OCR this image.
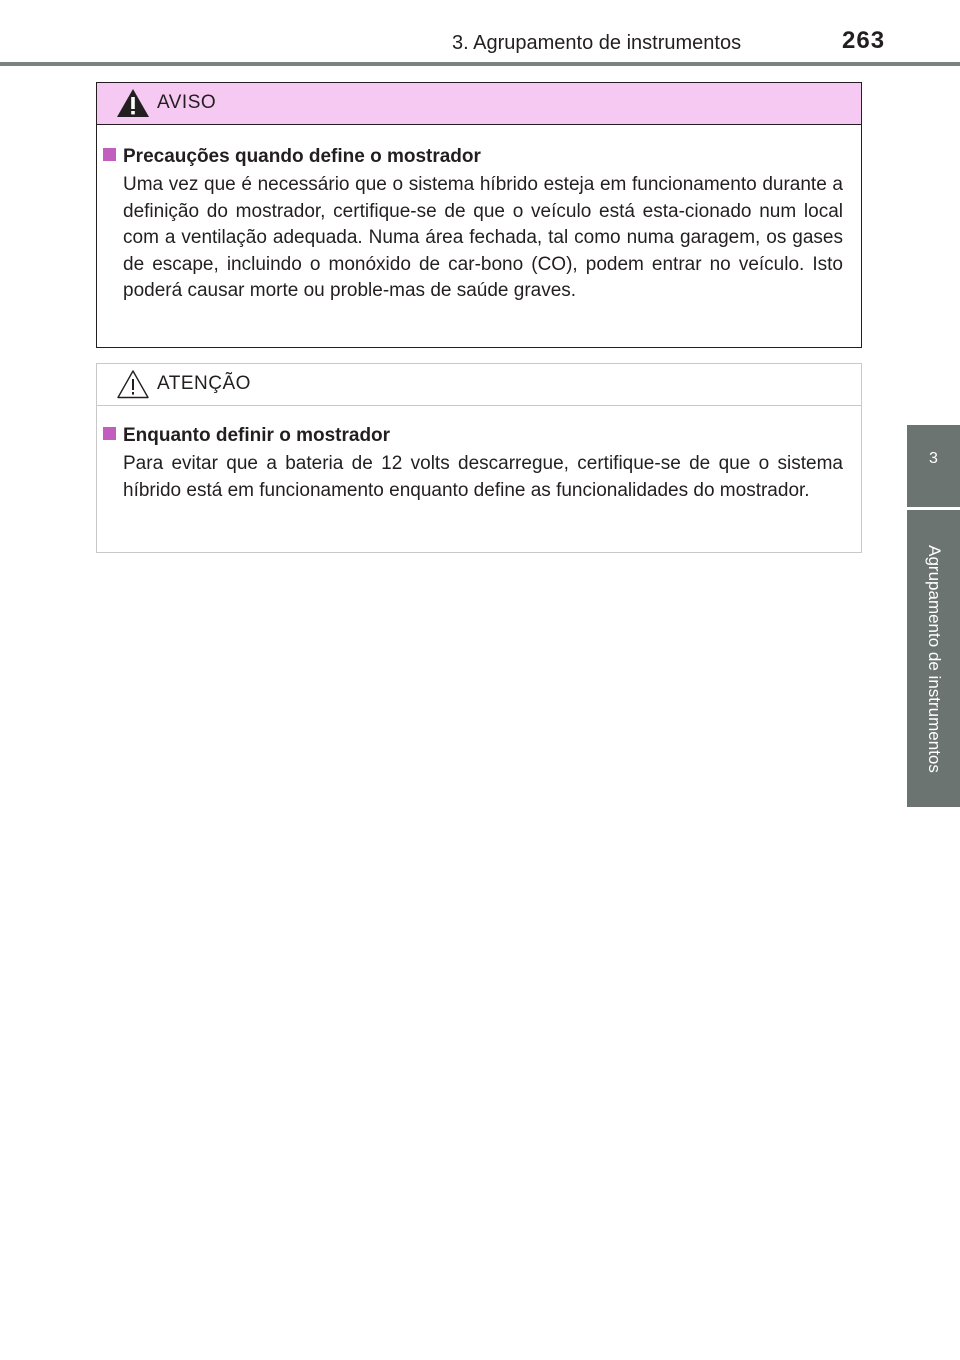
3. Agrupamento de instrumentos	263
3
Agrupamento de instrumentos
AVISO
Precauções quando define o mostrador
Uma vez que é necessário que o sistema híbrido esteja em funcionamento durante a definição do mostrador, certifique-se de que o veículo está esta-cionado num local com a ventilação adequada. Numa área fechada, tal como numa garagem, os gases de escape, incluindo o monóxido de car-bono (CO), podem entrar no veículo. Isto poderá causar morte ou proble-mas de saúde graves.
ATENÇÃO
Enquanto definir o mostrador
Para evitar que a bateria de 12 volts descarregue, certifique-se de que o sistema híbrido está em funcionamento enquanto define as funcionalidades do mostrador.
